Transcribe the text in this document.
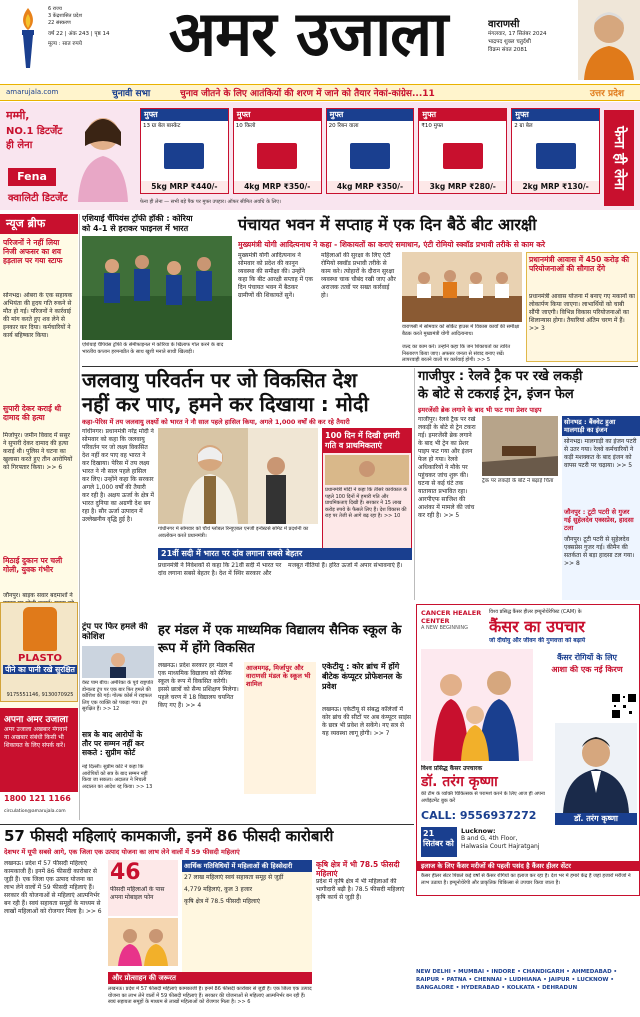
6 राज्य
3 केंद्रशासित प्रदेश
22 संस्करण
वर्ष 22 | अंक 243 | पृष्ठ 14
मूल्य : सात रुपये	अमर उजाला	वाराणसी
मंगलवार, 17 सितंबर 2024
भाद्रपद शुक्ल चतुर्दशी
विक्रम संवत 2081
amarujala.com	चुनावी सभा	चुनाव जीतने के लिए आतंकियों की शरण में जाने को तैयार नेकां-कांग्रेस...11	उत्तर प्रदेश
मम्मी,
NO.1 डिटर्जेंट
ही लेना
Fena
क्वालिटी डिटर्जेंट
फेना ही लेना
मुफ्त
13 ग्रा बेल बास्केट
5kg MRP ₹440/-
मुफ्त
10 किलो
4kg MRP ₹350/-
मुफ्त
20 रिबन वाला
4kg MRP ₹350/-
मुफ्त
₹10 मुफ्त
3kg MRP ₹280/-
मुफ्त
2 ग्रा बेल
2kg MRP ₹130/-
फेना ही लेना — सभी बड़े पैक पर मुफ्त उपहार। ऑफर सीमित अवधि के लिए।
न्यूज ब्रीफ
परिजनों ने नहीं लिया निजी अफसर का शव हड़ताल पर गया स्टाफ
सोनभद्र। ओबरा के एक सहायक अभियंता की हृदय गति रुकने से मौत हो गई। परिजनों ने कार्रवाई की मांग करते हुए शव लेने से इनकार कर दिया। कर्मचारियों ने कार्य बहिष्कार किया।
सुपारी देकर कराई थी दामाद की हत्या
मिर्जापुर। जमीन विवाद में ससुर ने सुपारी देकर दामाद की हत्या कराई थी। पुलिस ने घटना का खुलासा करते हुए तीन आरोपियों को गिरफ्तार किया। >> 6
मिठाई दुकान पर चली गोली, युवक गंभीर
जौनपुर। बाइक सवार बदमाशों ने
PLASTO
पीने का पानी रखे सुरक्षित
9175551146, 9130070925
अपना अमर उजाला
अमर उजाला अखबार मंगवाने या अखबार संबंधी किसी भी शिकायत के लिए संपर्क करें।
1800 121 1166
circulation@amarujala.com
एशियाई चैंपियंस ट्रॉफी हॉकी : कोरिया
को 4-1 से हराकर फाइनल में भारत
एशियाई चैंपियंस ट्रॉफी के सेमीफाइनल में कोरिया के खिलाफ गोल करने के बाद भारतीय कप्तान हरमनप्रीत के साथ खुशी मनाते साथी खिलाड़ी।
पंचायत भवन में सप्ताह में एक दिन बैठें बीट आरक्षी
मुख्यमंत्री योगी आदित्यनाथ ने कहा - शिकायतों का कराएं समाधान, एंटी रोमियो स्क्वॉड प्रभावी तरीके से काम करे
मुख्यमंत्री योगी आदित्यनाथ ने सोमवार को प्रदेश की कानून व्यवस्था की समीक्षा की। उन्होंने कहा कि बीट आरक्षी सप्ताह में एक दिन पंचायत भवन में बैठकर ग्रामीणों की शिकायतें सुनें। महिलाओं की सुरक्षा के लिए एंटी रोमियो स्क्वॉड प्रभावी तरीके से काम करे। त्योहारों के दौरान सुरक्षा व्यवस्था चाक चौबंद रखी जाए और अराजक तत्वों पर सख्त कार्रवाई हो।
वाराणसी में सोमवार को सर्किट हाउस में विकास कार्यों की समीक्षा बैठक करते मुख्यमंत्री योगी आदित्यनाथ।
जल्द का काम करें। उन्होंने कहा कि जन शिकायतों का त्वरित निस्तारण किया जाए। अफसर जनता से संवाद बनाए रखें। लापरवाही बरतने वालों पर कार्रवाई होगी। >> 5
प्रधानमंत्री आवास में 450 करोड़ की परियोजनाओं की सौगात देंगे
प्रधानमंत्री आवास योजना में बनाए गए मकानों का लोकार्पण किया जाएगा। लाभार्थियों को चाबी सौंपी जाएगी। विभिन्न विकास परियोजनाओं का शिलान्यास होगा। तैयारियां अंतिम चरण में हैं। >> 3
जलवायु परिवर्तन पर जो विकसित देश
नहीं कर पाए, हमने कर दिखाया : मोदी
कहा-पेरिस में तय जलवायु लक्ष्यों को भारत ने नौ साल पहले हासिल किया, अगले 1,000 वर्षों की कर रहे तैयारी
गांधीनगर। प्रधानमंत्री नरेंद्र मोदी ने सोमवार को कहा कि जलवायु परिवर्तन पर जो लक्ष्य विकसित देश नहीं कर पाए वह भारत ने कर दिखाया। पेरिस में तय लक्ष्य भारत ने नौ साल पहले हासिल कर लिए। उन्होंने कहा कि सरकार अगले 1,000 वर्षों की तैयारी कर रही है। अक्षय ऊर्जा के क्षेत्र में भारत दुनिया का अग्रणी देश बन रहा है। सौर ऊर्जा उत्पादन में उल्लेखनीय वृद्धि हुई है।
गांधीनगर में सोमवार को चौथे ग्लोबल रिन्यूएबल एनर्जी इन्वेस्टर्स समिट में प्रदर्शनी का अवलोकन करते प्रधानमंत्री।
100 दिन में दिखी हमारी गति व प्राथमिकताएं
प्रधानमंत्री मोदी ने कहा कि तीसरे कार्यकाल के पहले 100 दिनों में हमारी गति और प्राथमिकताएं दिखी हैं। सरकार ने 15 लाख करोड़ रुपये के फैसले लिए हैं। देश विकास की राह पर तेजी से आगे बढ़ रहा है। >> 10
21वीं सदी में भारत पर दांव लगाना सबसे बेहतर
प्रधानमंत्री ने निवेशकों से कहा कि 21वीं सदी में भारत पर दांव लगाना सबसे बेहतर है। देश में स्थिर सरकार और मजबूत नीतियां हैं। हरित ऊर्जा में अपार संभावनाएं हैं।
ट्रंप पर फिर हमले की कोशिश
वेस्ट पाम बीच। अमेरिका के पूर्व राष्ट्रपति डोनाल्ड ट्रंप पर एक बार फिर हमले की कोशिश की गई। गोल्फ कोर्स में राइफल लिए एक व्यक्ति को पकड़ा गया। ट्रंप सुरक्षित हैं। >> 12
सत्र के बाद आरोपों के तौर पर सम्मन नहीं कर सकते : सुप्रीम कोर्ट
नई दिल्ली। सुप्रीम कोर्ट ने कहा कि आरोपियों को सत्र के बाद सम्मन नहीं किया जा सकता। अदालत ने निचली अदालत का आदेश रद्द किया। >> 13
हर मंडल में एक माध्यमिक विद्यालय सैनिक स्कूल के रूप में होंगे विकसित
लखनऊ। प्रदेश सरकार हर मंडल में एक माध्यमिक विद्यालय को सैनिक स्कूल के रूप में विकसित करेगी। इससे छात्रों को सैन्य प्रशिक्षण मिलेगा। पहले चरण में 18 विद्यालय चयनित किए गए हैं। >> 4
आजमगढ़, मिर्जापुर और वाराणसी मंडल के स्कूल भी शामिल
एकेटीयू : कोर ब्रांच में होंगे बीटेक कंप्यूटर प्रोफेशनल के प्रवेश
लखनऊ। एकेटीयू से संबद्ध कॉलेजों में कोर ब्रांच की सीटों पर अब कंप्यूटर साइंस के छात्र भी प्रवेश ले सकेंगे। नए सत्र से यह व्यवस्था लागू होगी। >> 7
गाजीपुर : रेलवे ट्रैक पर रखे लकड़ी
के बोटे से टकराई ट्रेन, इंजन फेल
इमरजेंसी ब्रेक लगाने के बाद भी फट गया प्रेशर पाइप
गाजीपुर। रेलवे ट्रैक पर रखे लकड़ी के बोटे से ट्रेन टकरा गई। इमरजेंसी ब्रेक लगाने के बाद भी ट्रेन का प्रेशर पाइप फट गया और इंजन फेल हो गया। रेलवे अधिकारियों ने मौके पर पहुंचकर जांच शुरू की। घटना से कई घंटे तक यातायात प्रभावित रहा। आरपीएफ साजिश की आशंका में मामले की जांच कर रही है। >> 5
ट्रैक पर लकड़ी के बोटे ने बढ़ाई चिंता
सोनभद्र : बैंक्वेट हुआ मालगाड़ी का इंजन
सोनभद्र। मालगाड़ी का इंजन पटरी से उतर गया। रेलवे कर्मचारियों ने कड़ी मशक्कत के बाद इंजन को वापस पटरी पर चढ़ाया। >> 5
जौनपुर : टूटी पटरी से गुजर गई सुहेलदेव एक्सप्रेस, हादसा टला
जौनपुर। टूटी पटरी से सुहेलदेव एक्सप्रेस गुजर गई। कीमैन की सतर्कता से बड़ा हादसा टल गया। >> 8
CANCER HEALER CENTER
A NEW BEGINNING
विश्व प्रसिद्ध कैंसर हीलर इम्यूनोथेरेपिस्ट (CAM) के
कैंसर का उपचार
जो दीर्घायु और जीवन की गुणवत्ता को बढ़ाये
कैंसर रोगियों के लिए
आशा की एक नई किरण
विश्व प्रसिद्ध कैंसर उपचारक
डॉ. तरंग कृष्णा
की टीम के व्यक्ति चिकित्सक से परामर्श करने के लिए आज ही अपना अपॉइंटमेंट बुक करें
CALL: 9556937272	डॉ. तरंग कृष्णा
21 सितंबर को
Lucknow:
B and G, 4th Floor,
Halwasia Court Hajratganj
इलाज के लिए कैंसर मरीजों की पहली पसंद है कैंसर हीलर सेंटर
कैंसर हीलर सेंटर पिछले कई वर्षों से कैंसर रोगियों का इलाज कर रहा है। देश भर में हमारे केंद्र हैं जहां हजारों मरीजों ने लाभ उठाया है। इम्यूनोथेरेपी और प्राकृतिक चिकित्सा से उपचार किया जाता है।
NEW DELHI • MUMBAI • INDORE • CHANDIGARH • AHMEDABAD • RAIPUR • PATNA • CHENNAI • LUDHIANA • JAIPUR • LUCKNOW • BANGALORE • HYDERABAD • KOLKATA • DEHRADUN
57 फीसदी महिलाएं कामकाजी, इनमें 86 फीसदी कारोबारी
देशभर में यूपी सबसे आगे, एक जिला एक उत्पाद योजना का लाभ लेने वालों में 59 फीसदी महिलाएं
लखनऊ। प्रदेश में 57 फीसदी महिलाएं कामकाजी हैं। इनमें 86 फीसदी कारोबार से जुड़ी हैं। एक जिला एक उत्पाद योजना का लाभ लेने वालों में 59 फीसदी महिलाएं हैं। सरकार की योजनाओं से महिलाएं आत्मनिर्भर बन रही हैं। स्वयं सहायता समूहों के माध्यम से लाखों महिलाओं को रोजगार मिला है। >> 6
46
फीसदी महिलाओं के पास अपना मोबाइल फोन
आर्थिक गतिविधियों में महिलाओं की हिस्सेदारी
27 लाख महिलाएं स्वयं सहायता समूह से जुड़ीं
4,779 महिलाएं, कुल 3 हजार
कृषि क्षेत्र में 78.5 फीसदी महिलाएं
कृषि क्षेत्र में भी 78.5 फीसदी महिलाएं
प्रदेश में कृषि क्षेत्र में भी महिलाओं की भागीदारी बढ़ी है। 78.5 फीसदी महिलाएं कृषि कार्य से जुड़ी हैं।
और प्रोत्साहन की जरूरत
लखनऊ। प्रदेश में 57 फीसदी महिलाएं कामकाजी हैं। इनमें 86 फीसदी कारोबार से जुड़ी हैं। एक जिला एक उत्पाद योजना का लाभ लेने वालों में 59 फीसदी महिलाएं हैं। सरकार की योजनाओं से महिलाएं आत्मनिर्भर बन रही हैं। स्वयं सहायता समूहों के माध्यम से लाखों महिलाओं को रोजगार मिला है। >> 6
